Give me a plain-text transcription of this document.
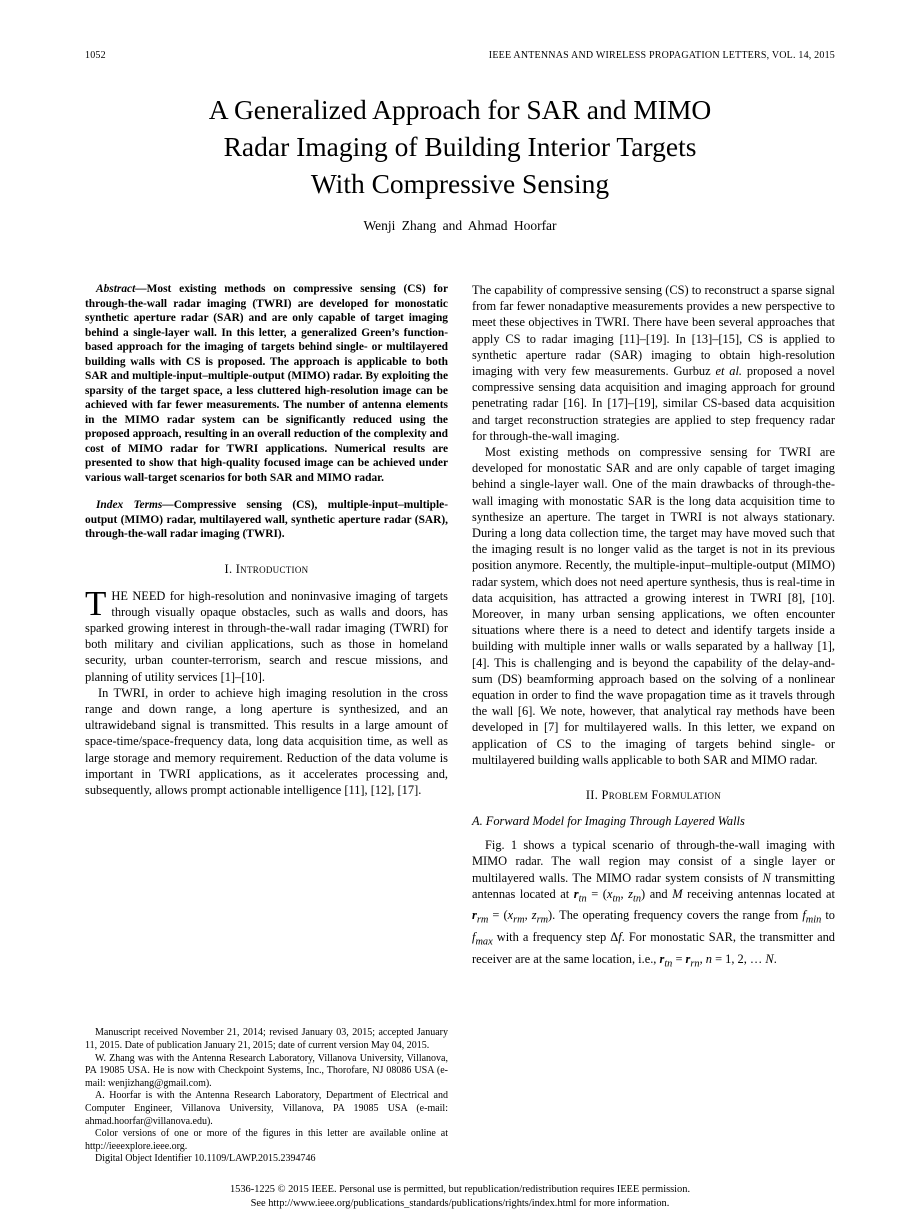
1052	IEEE ANTENNAS AND WIRELESS PROPAGATION LETTERS, VOL. 14, 2015
A Generalized Approach for SAR and MIMO
Radar Imaging of Building Interior Targets
With Compressive Sensing
Wenji Zhang and Ahmad Hoorfar

Abstract—Most existing methods on compressive sensing (CS) for through-the-wall radar imaging (TWRI) are developed for monostatic synthetic aperture radar (SAR) and are only capable of target imaging behind a single-layer wall. In this letter, a generalized Green’s function-based approach for the imaging of targets behind single- or multilayered building walls with CS is proposed. The approach is applicable to both SAR and multiple-input–multiple-output (MIMO) radar. By exploiting the sparsity of the target space, a less cluttered high-resolution image can be achieved with far fewer measurements. The number of antenna elements in the MIMO radar system can be significantly reduced using the proposed approach, resulting in an overall reduction of the complexity and cost of MIMO radar for TWRI applications. Numerical results are presented to show that high-quality focused image can be achieved under various wall-target scenarios for both SAR and MIMO radar.

Index Terms—Compressive sensing (CS), multiple-input–multiple-output (MIMO) radar, multilayered wall, synthetic aperture radar (SAR), through-the-wall radar imaging (TWRI).

I. Introduction

THE NEED for high-resolution and noninvasive imaging of targets through visually opaque obstacles, such as walls and doors, has sparked growing interest in through-the-wall radar imaging (TWRI) for both military and civilian applications, such as those in homeland security, urban counter-terrorism, search and rescue missions, and planning of utility services [1]–[10].

In TWRI, in order to achieve high imaging resolution in the cross range and down range, a long aperture is synthesized, and an ultrawideband signal is transmitted. This results in a large amount of space-time/space-frequency data, long data acquisition time, as well as large storage and memory requirement. Reduction of the data volume is important in TWRI applications, as it accelerates processing and, subsequently, allows prompt actionable intelligence [11], [12], [17].

Manuscript received November 21, 2014; revised January 03, 2015; accepted January 11, 2015. Date of publication January 21, 2015; date of current version May 04, 2015.

W. Zhang was with the Antenna Research Laboratory, Villanova University, Villanova, PA 19085 USA. He is now with Checkpoint Systems, Inc., Thorofare, NJ 08086 USA (e-mail: wenjizhang@gmail.com).

A. Hoorfar is with the Antenna Research Laboratory, Department of Electrical and Computer Engineer, Villanova University, Villanova, PA 19085 USA (e-mail: ahmad.hoorfar@villanova.edu).

Color versions of one or more of the figures in this letter are available online at http://ieeexplore.ieee.org.

Digital Object Identifier 10.1109/LAWP.2015.2394746

The capability of compressive sensing (CS) to reconstruct a sparse signal from far fewer nonadaptive measurements provides a new perspective to meet these objectives in TWRI. There have been several approaches that apply CS to radar imaging [11]–[19]. In [13]–[15], CS is applied to synthetic aperture radar (SAR) imaging to obtain high-resolution imaging with very few measurements. Gurbuz et al. proposed a novel compressive sensing data acquisition and imaging approach for ground penetrating radar [16]. In [17]–[19], similar CS-based data acquisition and target reconstruction strategies are applied to step frequency radar for through-the-wall imaging.

Most existing methods on compressive sensing for TWRI are developed for monostatic SAR and are only capable of target imaging behind a single-layer wall. One of the main drawbacks of through-the-wall imaging with monostatic SAR is the long data acquisition time to synthesize an aperture. The target in TWRI is not always stationary. During a long data collection time, the target may have moved such that the imaging result is no longer valid as the target is not in its previous position anymore. Recently, the multiple-input–multiple-output (MIMO) radar system, which does not need aperture synthesis, thus is real-time in data acquisition, has attracted a growing interest in TWRI [8], [10]. Moreover, in many urban sensing applications, we often encounter situations where there is a need to detect and identify targets inside a building with multiple inner walls or walls separated by a hallway [1], [4]. This is challenging and is beyond the capability of the delay-and-sum (DS) beamforming approach based on the solving of a nonlinear equation in order to find the wave propagation time as it travels through the wall [6]. We note, however, that analytical ray methods have been developed in [7] for multilayered walls. In this letter, we expand on application of CS to the imaging of targets behind single- or multilayered building walls applicable to both SAR and MIMO radar.

II. Problem Formulation
A. Forward Model for Imaging Through Layered Walls

Fig. 1 shows a typical scenario of through-the-wall imaging with MIMO radar. The wall region may consist of a single layer or multilayered walls. The MIMO radar system consists of N transmitting antennas located at $r_{tn} = (x_{tn}$, $z_{tn}$) and M receiving antennas located at $r_{rm} = (x_{rm}$, $z_{rm}$). The operating frequency covers the range from $f_{min}$ to $f_{max}$ with a frequency step Δf. For monostatic SAR, the transmitter and receiver are at the same location, i.e., $r_{tn} = r_{rn}$, n = 1, 2, … N.

1536-1225 © 2015 IEEE. Personal use is permitted, but republication/redistribution requires IEEE permission.
See http://www.ieee.org/publications_standards/publications/rights/index.html for more information.
